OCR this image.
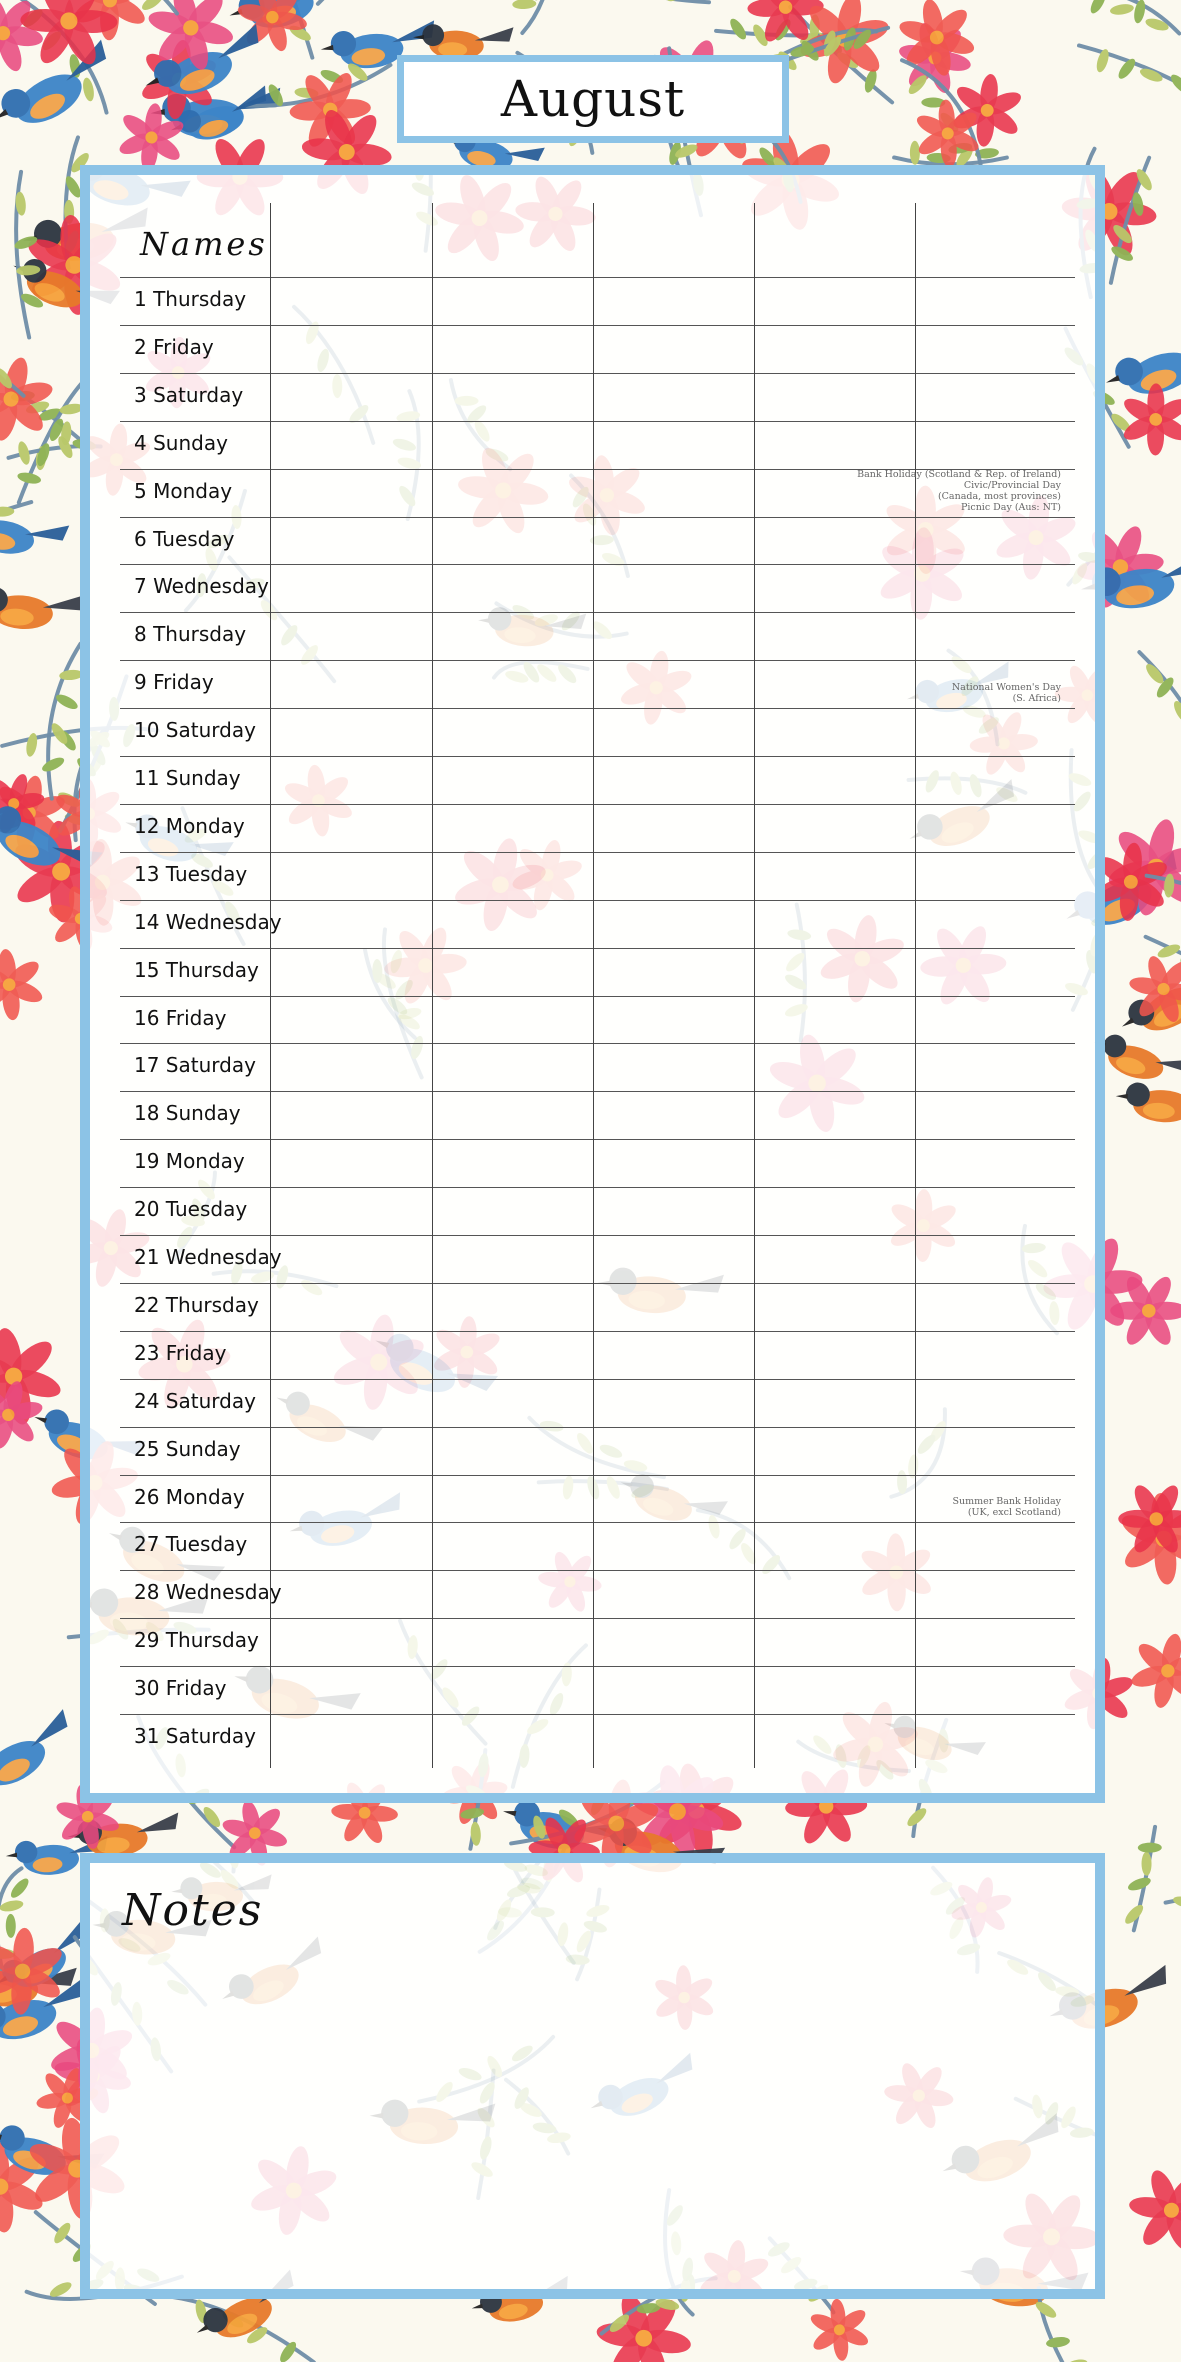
August
Names
1 Thursday
2 Friday
3 Saturday
4 Sunday
5 Monday
6 Tuesday
7 Wednesday
8 Thursday
9 Friday
10 Saturday
11 Sunday
12 Monday
13 Tuesday
14 Wednesday
15 Thursday
16 Friday
17 Saturday
18 Sunday
19 Monday
20 Tuesday
21 Wednesday
22 Thursday
23 Friday
24 Saturday
25 Sunday
26 Monday
27 Tuesday
28 Wednesday
29 Thursday
30 Friday
31 Saturday
Bank Holiday (Scotland & Rep. of Ireland)
Civic/Provincial Day
(Canada, most provinces)
Picnic Day (Aus: NT)
National Women's Day
(S. Africa)
Summer Bank Holiday
(UK, excl Scotland)
Notes
